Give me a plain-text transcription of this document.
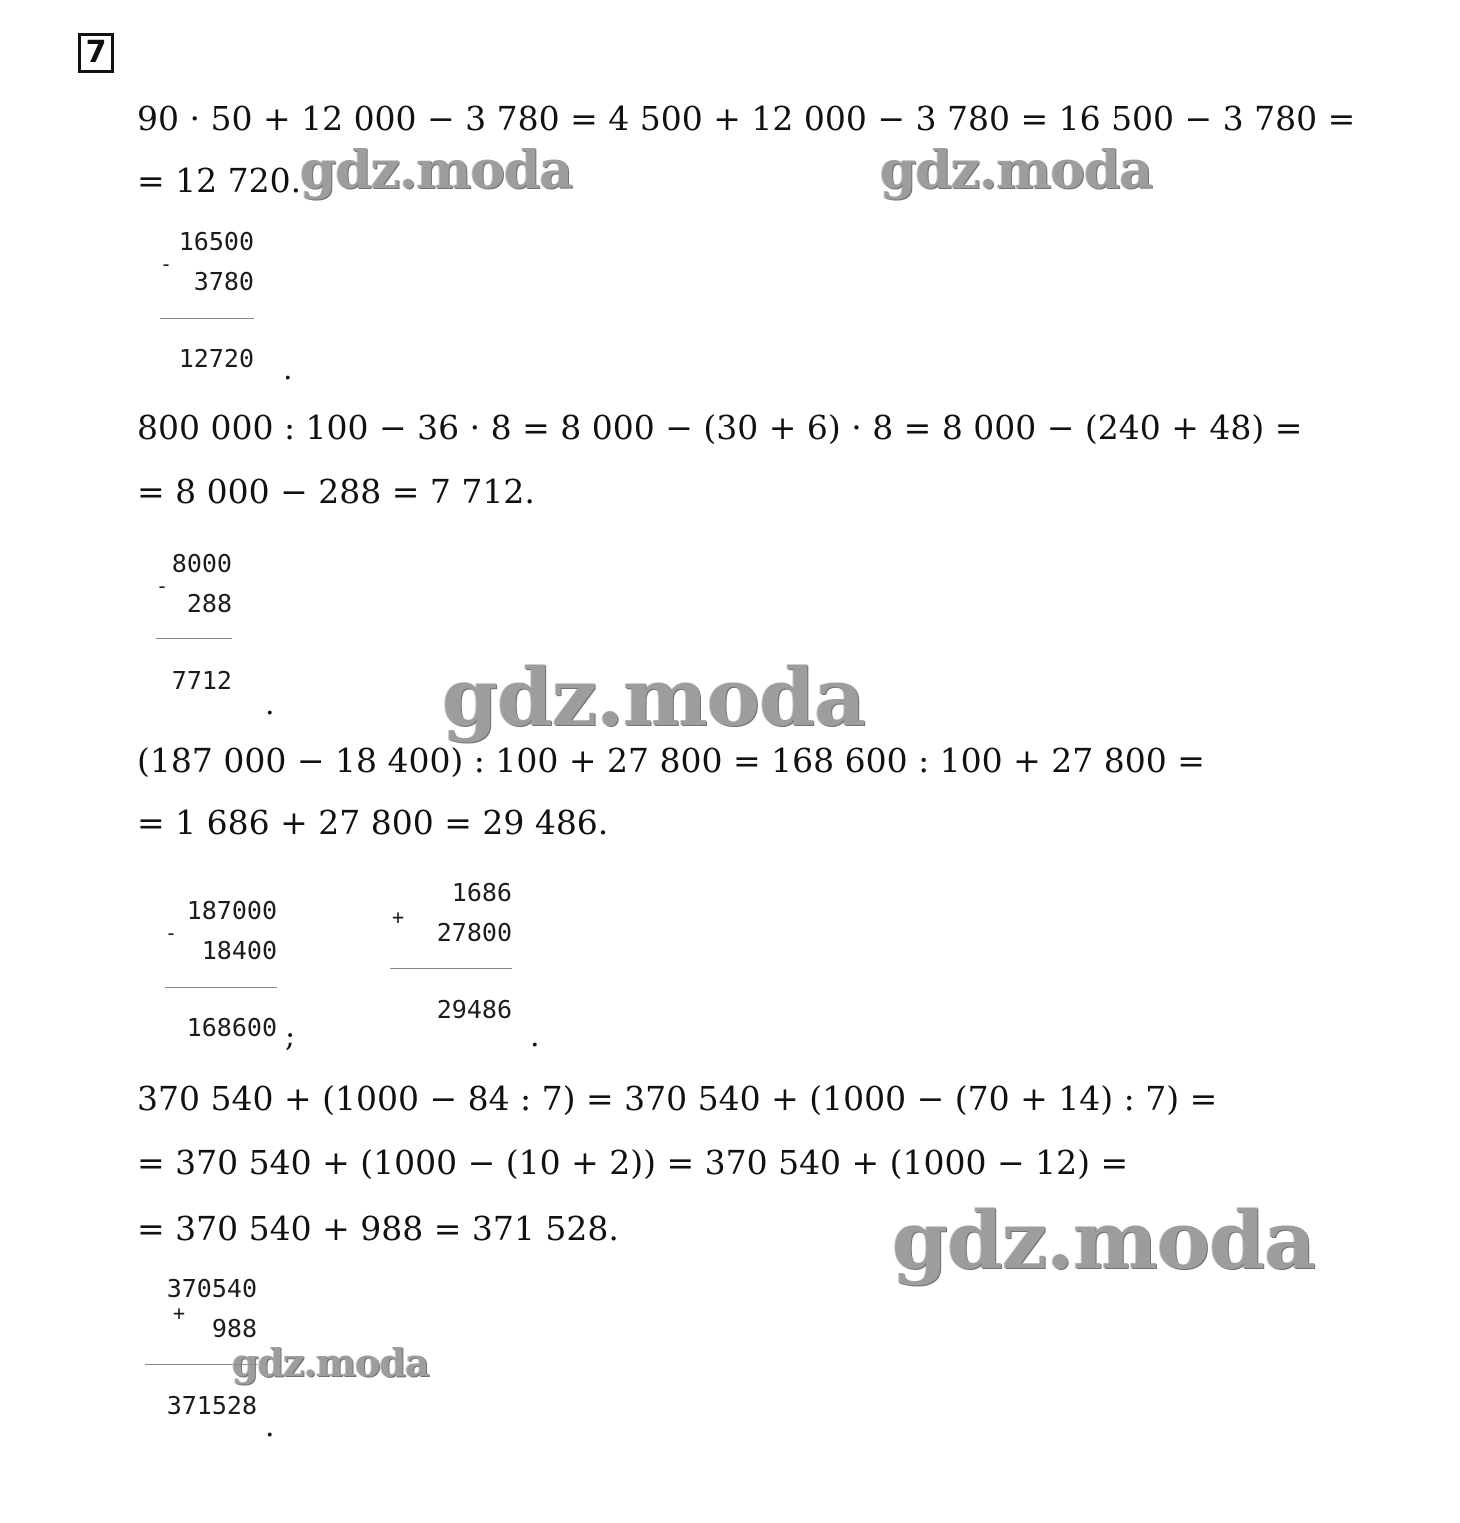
7
90 · 50 + 12 000 − 3 780 = 4 500 + 12 000 − 3 780 = 16 500 − 3 780 =
= 12 720.
16500
-
3780
12720 .
800 000 : 100 − 36 · 8 = 8 000 − (30 + 6) · 8 = 8 000 − (240 + 48) =
= 8 000 − 288 = 7 712.
8000
-
288
7712
.
(187 000 − 18 400) : 100 + 27 800 = 168 600 : 100 + 27 800 =
= 1 686 + 27 800 = 29 486.
187000
-
18400
168600 ;
1686
+
27800
29486
.
370 540 + (1000 − 84 : 7) = 370 540 + (1000 − (70 + 14) : 7) =
= 370 540 + (1000 − (10 + 2)) = 370 540 + (1000 − 12) =
= 370 540 + 988 = 371 528.
370540
+
988
371528
.
gdz.moda	gdz.moda
gdz.moda
gdz.moda
gdz.moda
